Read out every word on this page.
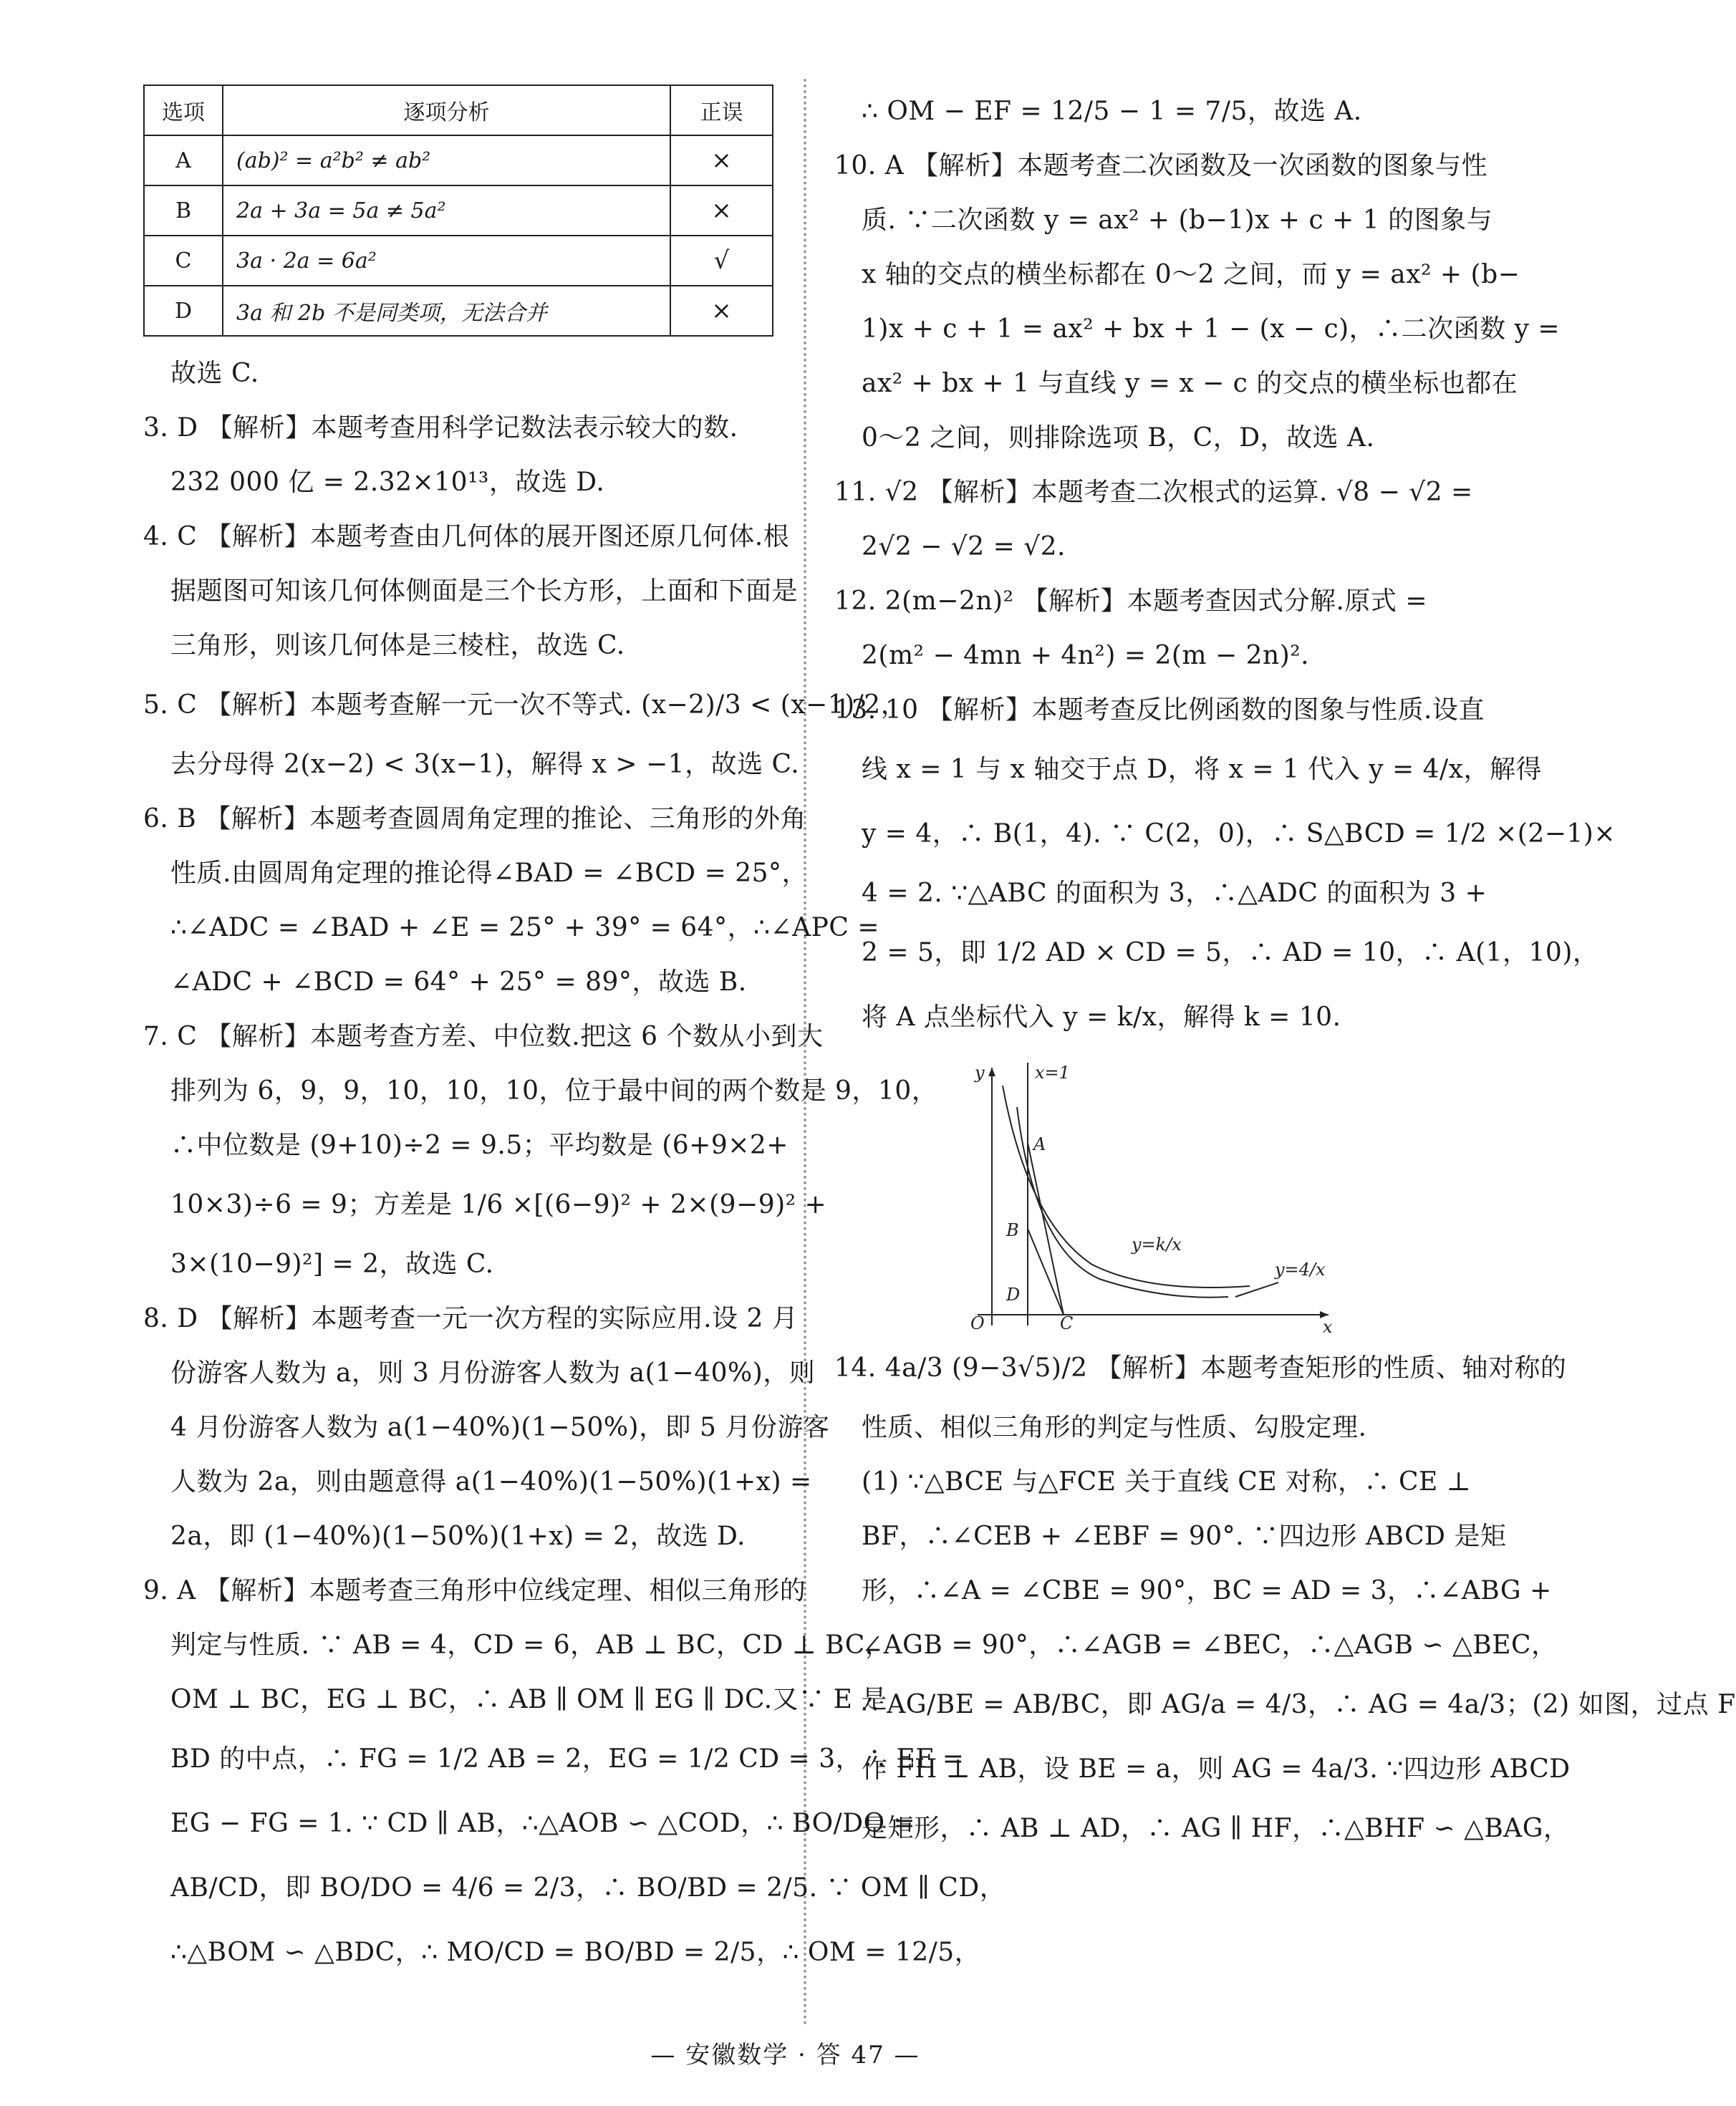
选项	逐项分析	正误
A	(ab)² = a²b² ≠ ab²	×
B	2a + 3a = 5a ≠ 5a²	×
C	3a · 2a = 6a²	√
D	3a 和 2b 不是同类项，无法合并	×
故选 C.
3. D 【解析】本题考查用科学记数法表示较大的数.
232 000 亿 = 2.32×10¹³，故选 D.
4. C 【解析】本题考查由几何体的展开图还原几何体.根
据题图可知该几何体侧面是三个长方形，上面和下面是
三角形，则该几何体是三棱柱，故选 C.
5. C 【解析】本题考查解一元一次不等式. (x−2)/3 < (x−1)/2，
去分母得 2(x−2) < 3(x−1)，解得 x > −1，故选 C.
6. B 【解析】本题考查圆周角定理的推论、三角形的外角
性质.由圆周角定理的推论得∠BAD = ∠BCD = 25°，
∴∠ADC = ∠BAD + ∠E = 25° + 39° = 64°，∴∠APC =
∠ADC + ∠BCD = 64° + 25° = 89°，故选 B.
7. C 【解析】本题考查方差、中位数.把这 6 个数从小到大
排列为 6，9，9，10，10，10，位于最中间的两个数是 9，10，
∴中位数是 (9+10)÷2 = 9.5；平均数是 (6+9×2+
10×3)÷6 = 9；方差是 1/6 ×[(6−9)² + 2×(9−9)² +
3×(10−9)²] = 2，故选 C.
8. D 【解析】本题考查一元一次方程的实际应用.设 2 月
份游客人数为 a，则 3 月份游客人数为 a(1−40%)，则
4 月份游客人数为 a(1−40%)(1−50%)，即 5 月份游客
人数为 2a，则由题意得 a(1−40%)(1−50%)(1+x) =
2a，即 (1−40%)(1−50%)(1+x) = 2，故选 D.
9. A 【解析】本题考查三角形中位线定理、相似三角形的
判定与性质. ∵ AB = 4，CD = 6，AB ⊥ BC，CD ⊥ BC，
OM ⊥ BC，EG ⊥ BC，∴ AB ∥ OM ∥ EG ∥ DC.又∵ E 是
BD 的中点，∴ FG = 1/2 AB = 2，EG = 1/2 CD = 3，∴ EF =
EG − FG = 1. ∵ CD ∥ AB，∴△AOB ∽ △COD，∴ BO/DO =
AB/CD，即 BO/DO = 4/6 = 2/3，∴ BO/BD = 2/5. ∵ OM ∥ CD，
∴△BOM ∽ △BDC，∴ MO/CD = BO/BD = 2/5，∴ OM = 12/5，
∴ OM − EF = 12/5 − 1 = 7/5，故选 A.
10. A 【解析】本题考查二次函数及一次函数的图象与性
质. ∵二次函数 y = ax² + (b−1)x + c + 1 的图象与
x 轴的交点的横坐标都在 0～2 之间，而 y = ax² + (b−
1)x + c + 1 = ax² + bx + 1 − (x − c)，∴二次函数 y =
ax² + bx + 1 与直线 y = x − c 的交点的横坐标也都在
0～2 之间，则排除选项 B，C，D，故选 A.
11. √2 【解析】本题考查二次根式的运算. √8 − √2 =
2√2 − √2 = √2.
12. 2(m−2n)² 【解析】本题考查因式分解.原式 =
2(m² − 4mn + 4n²) = 2(m − 2n)².
13. 10 【解析】本题考查反比例函数的图象与性质.设直
线 x = 1 与 x 轴交于点 D，将 x = 1 代入 y = 4/x，解得
y = 4，∴ B(1，4). ∵ C(2，0)，∴ S△BCD = 1/2 ×(2−1)×
4 = 2. ∵△ABC 的面积为 3，∴△ADC 的面积为 3 +
2 = 5，即 1/2 AD × CD = 5，∴ AD = 10，∴ A(1，10)，
将 A 点坐标代入 y = k/x，解得 k = 10.
y	x=1
A
B
D
C
O	x
y=k/x
y=4/x
14. 4a/3 (9−3√5)/2 【解析】本题考查矩形的性质、轴对称的
性质、相似三角形的判定与性质、勾股定理.
(1) ∵△BCE 与△FCE 关于直线 CE 对称，∴ CE ⊥
BF，∴∠CEB + ∠EBF = 90°. ∵四边形 ABCD 是矩
形，∴∠A = ∠CBE = 90°，BC = AD = 3，∴∠ABG +
∠AGB = 90°，∴∠AGB = ∠BEC，∴△AGB ∽ △BEC，
∴ AG/BE = AB/BC，即 AG/a = 4/3，∴ AG = 4a/3；(2) 如图，过点 F
作 FH ⊥ AB，设 BE = a，则 AG = 4a/3. ∵四边形 ABCD
是矩形，∴ AB ⊥ AD，∴ AG ∥ HF，∴△BHF ∽ △BAG，
— 安徽数学 · 答 47 —
